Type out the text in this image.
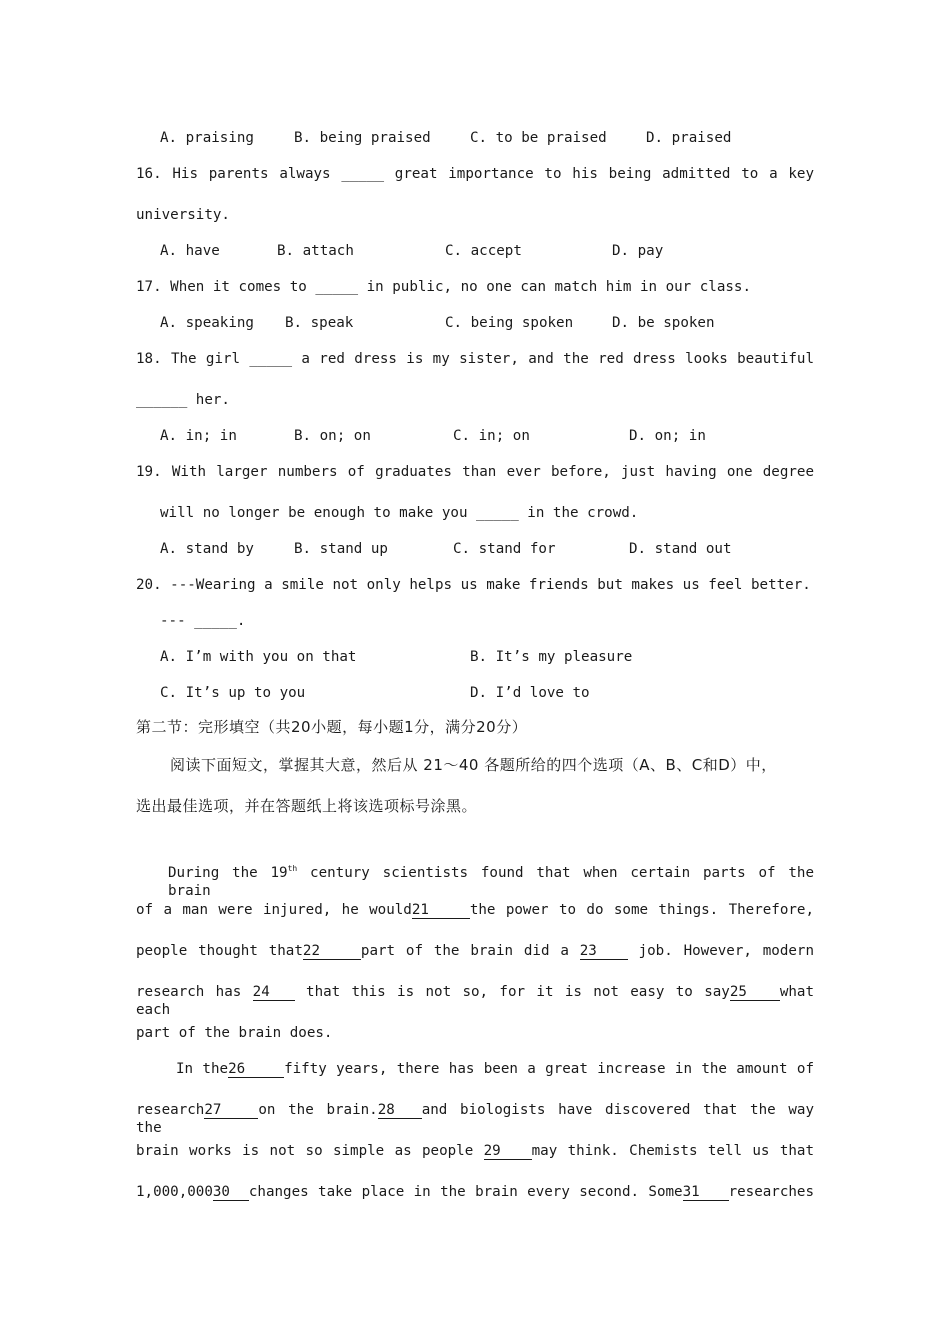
A. praising	B. being praised	C. to be praised	D. praised
16. His parents always _____ great importance to his being admitted to a key
university.
A. have	B. attach	C. accept	D. pay
17. When it comes to _____ in public, no one can match him in our class.
A. speaking B. speak	C. being spoken	D. be spoken
18. The girl _____ a red dress is my sister, and the red dress looks beautiful
______ her.
A. in; in	B. on; on	C. in; on	D. on; in
19. With larger numbers of graduates than ever before, just having one degree
will no longer be enough to make you _____ in the crowd.
A. stand by	B. stand up	C. stand for	D. stand out
20. ---Wearing a smile not only helps us make friends but makes us feel better.
--- _____.
A. I’m with you on that	B. It’s my pleasure
C. It’s up to you	D. I’d love to
第二节：完形填空（共20小题，每小题1分，满分20分）
阅读下面短文，掌握其大意，然后从 21～40 各题所给的四个选项（A、B、C和D）中，
选出最佳选项，并在答题纸上将该选项标号涂黑。
During the 19th century scientists found that when certain parts of the brain
of a man were injured, he would21	the power to do some things. Therefore,
people thought that22	part of the brain did a 23 job. However, modern
research has 24 that this is not so, for it is not easy to say25 what each
part of the brain does.
In the26	fifty years, there has been a great increase in the amount of
research27	on the brain.28 and biologists have discovered that the way the
brain works is not so simple as people 29 may think. Chemists tell us that
1,000,00030 changes take place in the brain every second. Some31 researches
